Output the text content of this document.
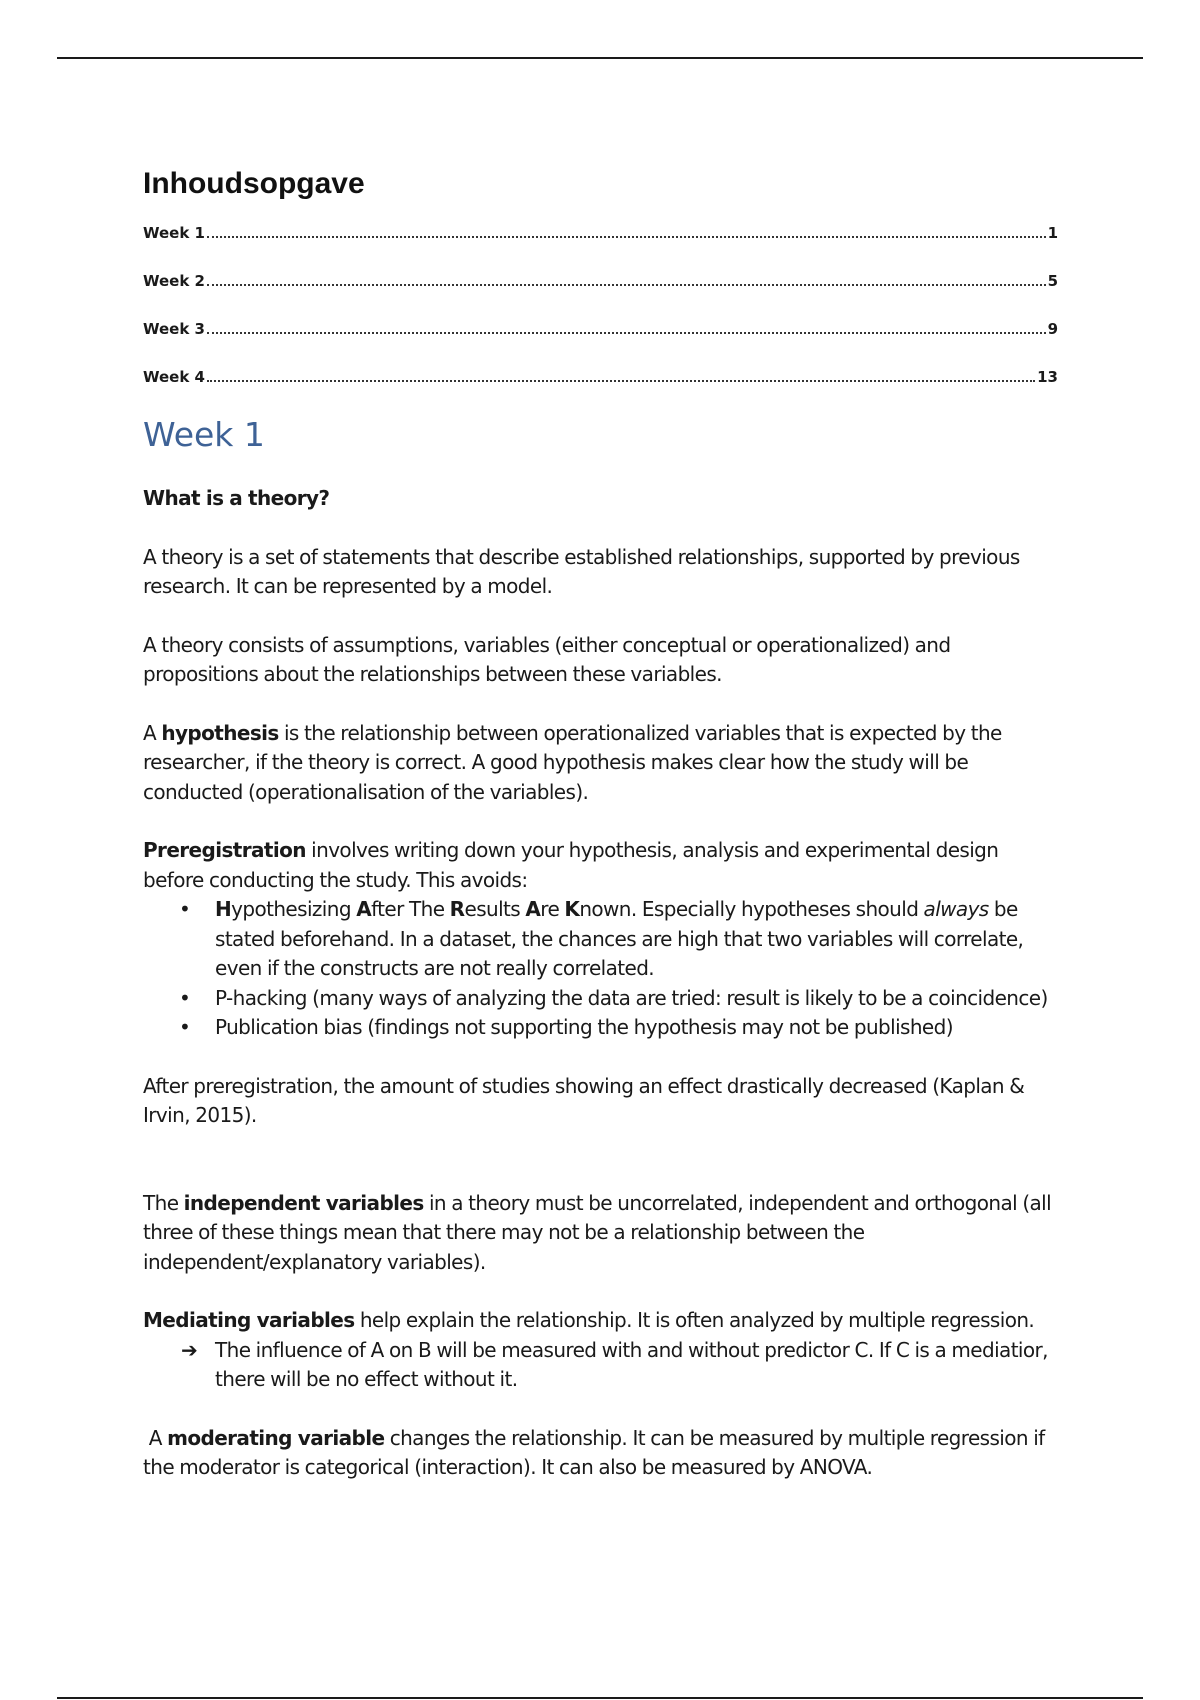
Inhoudsopgave
Week 1	1
Week 2	5
Week 3	9
Week 4	13
Week 1
What is a theory?

A theory is a set of statements that describe established relationships, supported by previous research. It can be represented by a model.

A theory consists of assumptions, variables (either conceptual or operationalized) and propositions about the relationships between these variables.

A hypothesis is the relationship between operationalized variables that is expected by the researcher, if the theory is correct. A good hypothesis makes clear how the study will be conducted (operationalisation of the variables).

Preregistration involves writing down your hypothesis, analysis and experimental design before conducting the study. This avoids:
• Hypothesizing After The Results Are Known. Especially hypotheses should always be stated beforehand. In a dataset, the chances are high that two variables will correlate, even if the constructs are not really correlated.
• P-hacking (many ways of analyzing the data are tried: result is likely to be a coincidence)
• Publication bias (findings not supporting the hypothesis may not be published)

After preregistration, the amount of studies showing an effect drastically decreased (Kaplan & Irvin, 2015).

The independent variables in a theory must be uncorrelated, independent and orthogonal (all three of these things mean that there may not be a relationship between the independent/explanatory variables).

Mediating variables help explain the relationship. It is often analyzed by multiple regression.
➔ The influence of A on B will be measured with and without predictor C. If C is a mediatior, there will be no effect without it.

A moderating variable changes the relationship. It can be measured by multiple regression if the moderator is categorical (interaction). It can also be measured by ANOVA.
